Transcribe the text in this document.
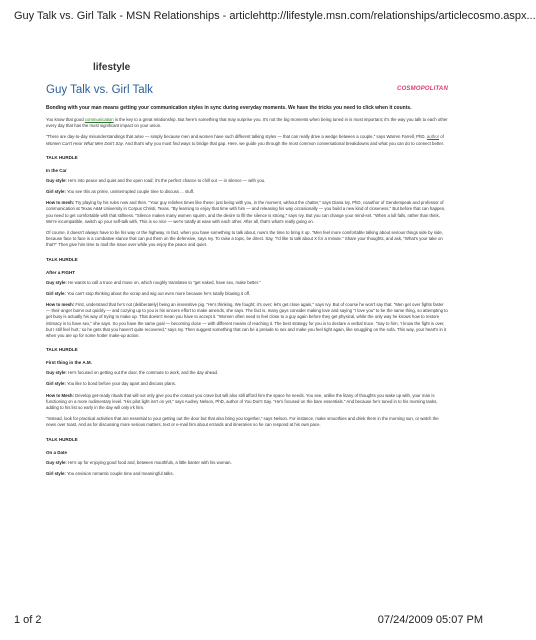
Guy Talk vs. Girl Talk - MSN Relationships - article http://lifestyle.msn.com/relationships/articlecosmo.aspx...
lifestyle
Guy Talk vs. Girl Talk	COSMOPOLITAN
Bonding with your man means getting your communication styles in sync during everyday moments. We have the tricks you need to click when it counts.
You know that good communication is the key to a great relationship. But here's something that may surprise you. It's not the big moments when being tuned in is most important; it's the way you talk to each other every day that has the most significant impact on your union.
"There are day-to-day misunderstandings that arise — simply because men and women have such different talking styles — that can really drive a wedge between a couple," says Warren Farrell, PhD, author of Women Can't Hear What Men Don't Say. And that's why you must find ways to bridge that gap. Here, we guide you through the most common conversational breakdowns and what you can do to connect better.
TALK HURDLE
In the Car
Guy style: He's into peace and quiet and the open road; it's the perfect chance to chill out — in silence — with you.
Girl style: You see this as prime, uninterrupted couple time to discuss ... stuff.
How to mesh: Try playing by his rules now and then. "Your guy relishes times like these: just being with you, in the moment, without the chatter," says Diana Ivy, PhD, coauthor of Genderspeak and professor of communication at Texas A&M University in Corpus Christi, Texas. "By learning to enjoy that time with him — and releasing his way occasionally — you build a new kind of closeness." But before that can happen, you need to get comfortable with that stillness. "Silence makes many women squirm, and the desire to fill the silence is strong," says Ivy. But you can change your mind-set. "When a lull falls, rather than think, We're incompatible, switch up your self-talk with, This is so nice — we're totally at ease with each other. After all, that's what's really going on.
Of course, it doesn't always have to be his way or the highway. In fact, when you have something to talk about, now's the time to bring it up. "Men feel more comfortable talking about serious things side by side, because face to face is a combative stance that can put them on the defensive, says Ivy. To raise a topic, be direct. Say, "I'd like to talk about X for a minute." Share your thoughts, and ask, "What's your take on that?" Then give him time to mull the issue over while you enjoy the peace and quiet.
TALK HURDLE
After a FIGHT
Guy style: He wants to call a truce and move on, which roughly translates to "get naked, have sex, make better."
Girl style: You can't stop thinking about the scrap and wig out even more because he's totally blowing it off.
How to mesh: First, understand that he's not (deliberately) being an insensitive pig. "He's thinking, We fought; it's over; let's get close again," says Ivy. But of course he won't say that. "Men get over fights faster — their anger burns out quickly — and cozying up to you is his sincere effort to make amends, she says. The fact is, many guys consider making love and saying "I love you" to be the same thing, so attempting to get busy is actually his way of trying to make up. That doesn't mean you have to accept it. "Women often need to feel close to a guy again before they get physical, while the only way he knows how to restore intimacy is to have sex," she says. So you have the same goal — becoming close — with different means of reaching it. The best strategy for you is to declare a verbal truce. "Say to him, 'I know the fight is over, but I still feel hurt,' so he gets that you haven't quite recovered," says Ivy. Then suggest something that can be a prelude to sex and make you feel tight again, like snuggling on the sofa. This way, your heart's in it when you are up for some hotter make-up action.
TALK HURDLE
First thing in the A.M.
Guy style: He's focused on getting out the door, the commute to work, and the day ahead.
Girl style: You like to bond before your day apart and discuss plans.
How to Mesh: Develop get-ready rituals that will not only give you the contact you crave but will also still afford him the space he needs. You see, unlike the litany of thoughts you wake up with, your man is functioning on a more rudimentary level. "His pilot light isn't on yet," says Audrey Nelson, PhD, author of You Don't Say. "He's focused on the bare essentials." And because he's tuned in to his morning tasks, adding to his list so early in the day will only irk him.
"Instead, look for practical activities that are essential to your getting out the door but that also bring you together," says Nelson. For instance, make smoothies and drink them in the morning sun, or watch the news over toast. And as for discussing more serious matters, text or e-mail him about errands and itineraries so he can respond at his own pace.
TALK HURDLE
On a Date
Guy style: He's up for enjoying good food and, between mouthfuls, a little banter with his woman.
Girl style: You envision romantic couple time and meaningful talks.
1 of 2	07/24/2009 05:07 PM
